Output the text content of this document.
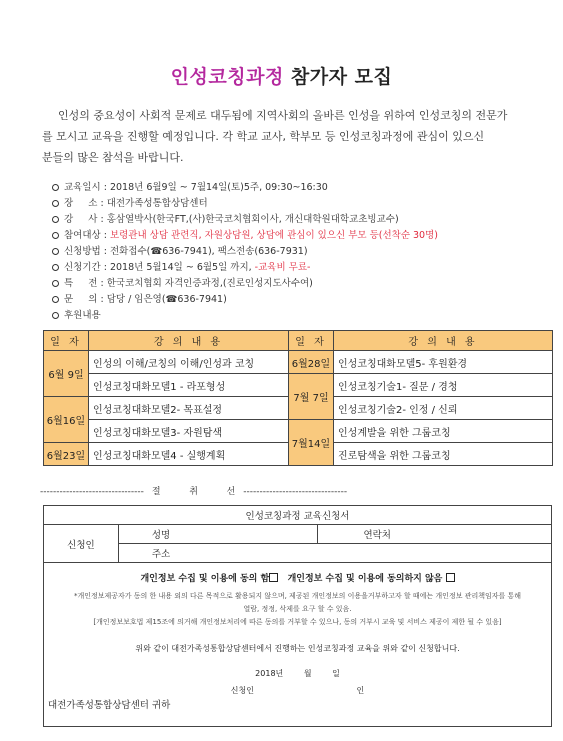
인성코칭과정 참가자 모집
인성의 중요성이 사회적 문제로 대두됨에 지역사회의 올바른 인성을 위하여 인성코칭의 전문가
를 모시고 교육을 진행할 예정입니다. 각 학교 교사, 학부모 등 인성코칭과정에 관심이 있으신
분들의 많은 참석을 바랍니다.
교육일시 : 2018년 6월9일 ~ 7월14일(토)5주, 09:30~16:30
장     소 : 대전가족성통합상담센터
강     사 : 홍삼열박사(한국FT,(사)한국코치협회이사, 개신대학원대학교초빙교수)
참여대상 : 보령관내 상담 관련직, 자원상담원, 상담에 관심이 있으신 부모 등(선착순 30명)
신청방법 : 전화접수(☎636-7941), 팩스전송(636-7931)
신청기간 : 2018년 5월14일 ~ 6월5일 까지, -교육비 무료-
특     전 : 한국코치협회 자격인증과정,(진로인성지도사수여)
문     의 : 담당 / 임은영(☎636-7941)
후원내용
일 자	강 의 내 용	일 자	강 의 내 용
6월 9일	인성의 이해/코칭의 이해/인성과 코칭	6월28일	인성코칭대화모델5- 후원환경
	인성코칭대화모델1 - 라포형성	7월 7일	인성코칭기술1- 질문 / 경청
6월16일	인성코칭대화모델2- 목표설정		인성코칭기술2- 인정 / 신뢰
	인성코칭대화모델3- 자원탐색	7월14일	인성계발을 위한 그룹코칭
6월23일	인성코칭대화모델4 - 실행계획		진로탐색을 위한 그룹코칭
-------------------------------- 절          취          선 --------------------------------
인성코칭과정 교육신청서
신청인	성명	연락처
주소

개인정보 수집 및 이용에 동의 함 개인정보 수집 및 이용에 동의하지 않음
*개인정보제공자가 동의 한 내용 외의 다른 목적으로 활용되지 않으며, 제공된 개인정보의 이용을거부하고자 할 때에는 개인정보 관리책임자를 통해
열람, 정정, 삭제를 요구 할 수 있음.
[개인정보보호법 제15조에 의거해 개인정보처리에 따른 동의를 거부할 수 있으나, 동의 거부시 교육 및 서비스 제공이 제한 될 수 있음]
위와 같이 대전가족성통합상담센터에서 진행하는 인성코칭과정 교육을 위와 같이 신청합니다.
2018년	월	일
신청인	인
대전가족성통합상담센터 귀하
